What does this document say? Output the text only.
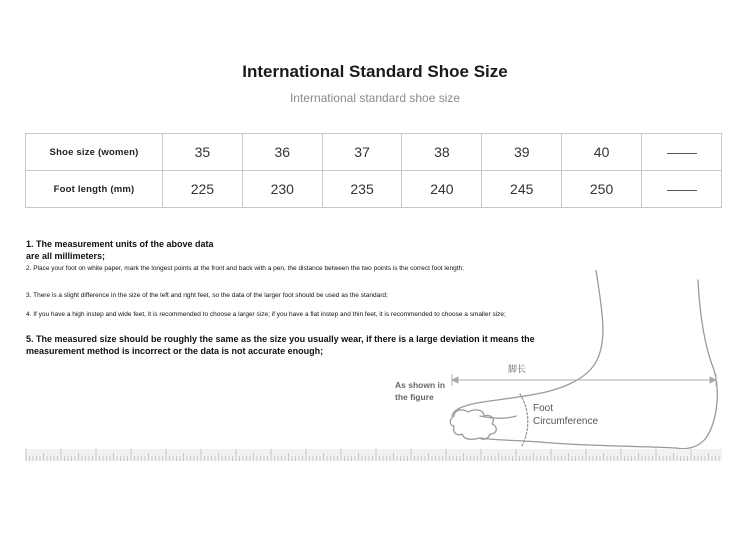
International Standard Shoe Size
International standard shoe size
Shoe size (women)	35	36	37	38	39	40	
Foot length (mm)	225	230	235	240	245	250	
脚长
As shown in
the figure
Foot
Circumference
1. The measurement units of the above data are all millimeters;
2. Place your foot on white paper, mark the longest points at the front and back with a pen, the distance between the two points is the correct foot length;
3. There is a slight difference in the size of the left and right feet, so the data of the larger foot should be used as the standard;
4. If you have a high instep and wide feet, it is recommended to choose a larger size; if you have a flat instep and thin feet, it is recommended to choose a smaller size;
5. The measured size should be roughly the same as the size you usually wear, if there is a large deviation it means the measurement method is incorrect or the data is not accurate enough;
